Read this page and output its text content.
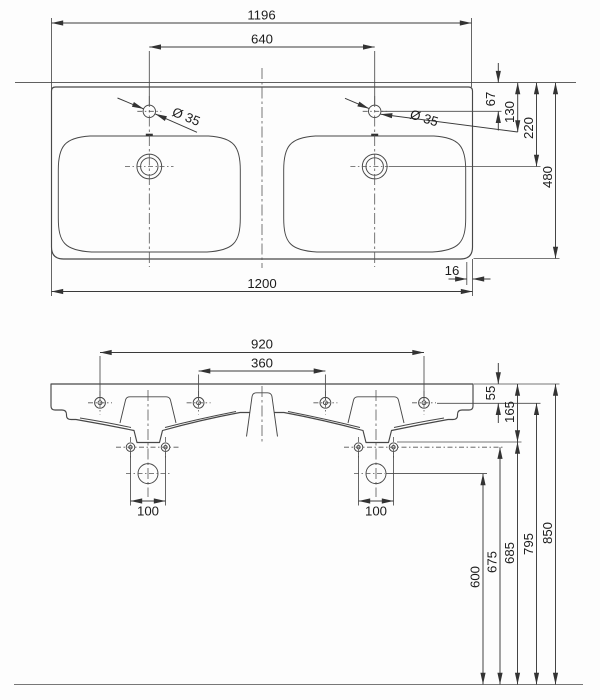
1196
640
Ø 35	Ø 35
67
130
220
480
1200
16
920
360
55
165
100	100
600
675 685 795 850
